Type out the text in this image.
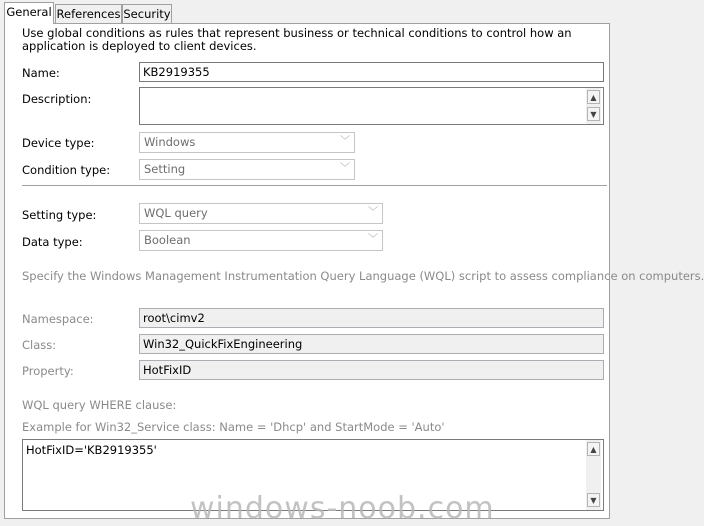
General References Security
Use global conditions as rules that represent business or technical conditions to control how an application is deployed to client devices.
Name:	KB2919355
Description:	▲
▼
Device type:	Windows	﹀
Condition type:	Setting	﹀
Setting type:	WQL query	﹀
Data type:	Boolean	﹀
Specify the Windows Management Instrumentation Query Language (WQL) script to assess compliance on computers.
Namespace:	root\cimv2
Class:	Win32_QuickFixEngineering
Property:	HotFixID
WQL query WHERE clause:
Example for Win32_Service class: Name = 'Dhcp' and StartMode = 'Auto'
HotFixID='KB2919355'	▲
▼
windows-noob.com
